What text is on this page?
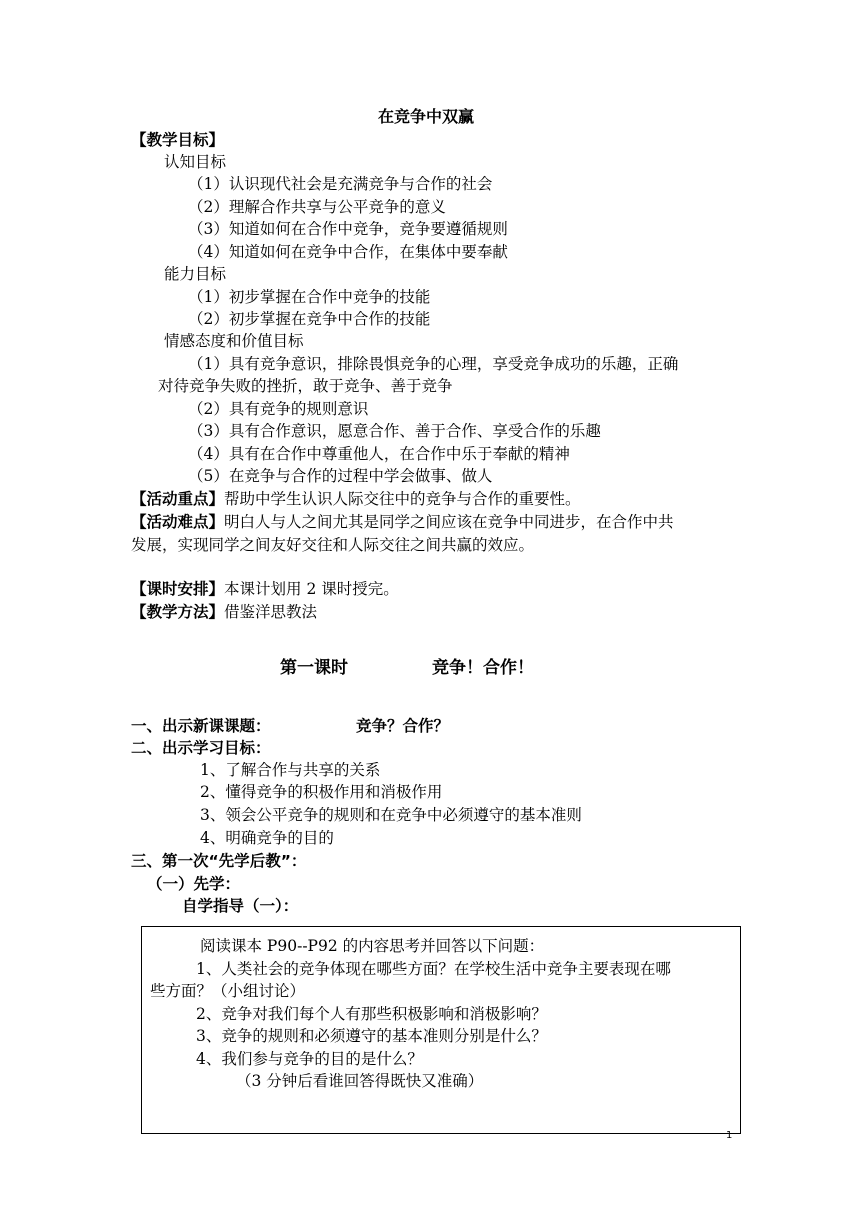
在竞争中双赢
【教学目标】
认知目标
（1）认识现代社会是充满竞争与合作的社会
（2）理解合作共享与公平竞争的意义
（3）知道如何在合作中竞争，竞争要遵循规则
（4）知道如何在竞争中合作，在集体中要奉献
能力目标
（1）初步掌握在合作中竞争的技能
（2）初步掌握在竞争中合作的技能
情感态度和价值目标
（1）具有竞争意识，排除畏惧竞争的心理，享受竞争成功的乐趣，正确
对待竞争失败的挫折，敢于竞争、善于竞争
（2）具有竞争的规则意识
（3）具有合作意识，愿意合作、善于合作、享受合作的乐趣
（4）具有在合作中尊重他人，在合作中乐于奉献的精神
（5）在竞争与合作的过程中学会做事、做人
【活动重点】帮助中学生认识人际交往中的竞争与合作的重要性。
【活动难点】明白人与人之间尤其是同学之间应该在竞争中同进步，在合作中共
发展，实现同学之间友好交往和人际交往之间共赢的效应。
【课时安排】本课计划用 2 课时授完。
【教学方法】借鉴洋思教法
第一课时	竞争！合作！
一、出示新课课题：	竞争？合作？
二、出示学习目标：
1、了解合作与共享的关系
2、懂得竞争的积极作用和消极作用
3、领会公平竞争的规则和在竞争中必须遵守的基本准则
4、明确竞争的目的
三、第一次“先学后教”：
（一）先学：
自学指导（一）：
阅读课本 P90--P92 的内容思考并回答以下问题：
1、人类社会的竞争体现在哪些方面？在学校生活中竞争主要表现在哪
些方面？（小组讨论）
2、竞争对我们每个人有那些积极影响和消极影响？
3、竞争的规则和必须遵守的基本准则分别是什么？
4、我们参与竞争的目的是什么？
（3 分钟后看谁回答得既快又准确）
1
